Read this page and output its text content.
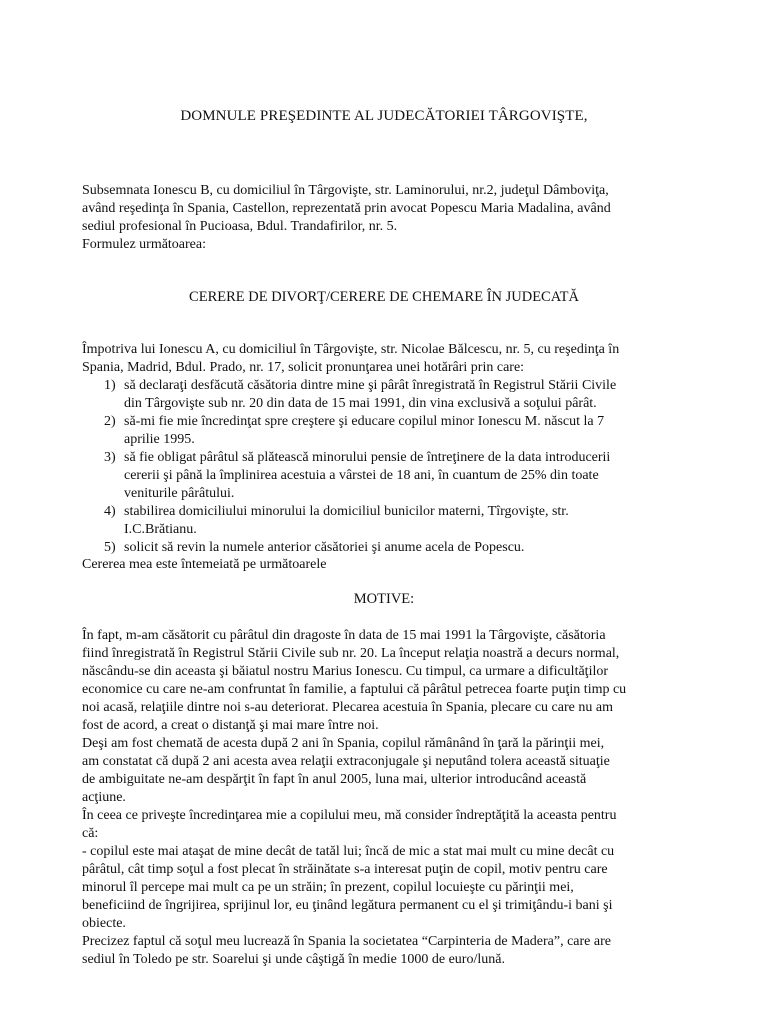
DOMNULE PREŞEDINTE AL JUDECĂTORIEI TÂRGOVIŞTE,

Subsemnata Ionescu B, cu domiciliul în Târgovişte, str. Laminorului, nr.2, judeţul Dâmboviţa,
având reşedinţa în Spania, Castellon, reprezentată prin avocat Popescu Maria Madalina, având
sediul profesional în Pucioasa, Bdul. Trandafirilor, nr. 5.
Formulez următoarea:

CERERE DE DIVORŢ/CERERE DE CHEMARE ÎN JUDECATĂ

Împotriva lui Ionescu A, cu domiciliul în Târgovişte, str. Nicolae Bălcescu, nr. 5, cu reşedinţa în
Spania, Madrid, Bdul. Prado, nr. 17, solicit pronunţarea unei hotărâri prin care:

1) să declaraţi desfăcută căsătoria dintre mine şi pârât înregistrată în Registrul Stării Civile
din Târgovişte sub nr. 20 din data de 15 mai 1991, din vina exclusivă a soţului pârât.
2) să-mi fie mie încredinţat spre creştere şi educare copilul minor Ionescu M. născut la 7
aprilie 1995.
3) să fie obligat pârâtul să plătească minorului pensie de întreţinere de la data introducerii
cererii şi până la împlinirea acestuia a vârstei de 18 ani, în cuantum de 25% din toate
veniturile pârâtului.
4) stabilirea domiciliului minorului la domiciliul bunicilor materni, Tîrgovişte, str.
I.C.Brătianu.
5) solicit să revin la numele anterior căsătoriei şi anume acela de Popescu.

Cererea mea este întemeiată pe următoarele

MOTIVE:

În fapt, m-am căsătorit cu pârâtul din dragoste în data de 15 mai 1991 la Târgovişte, căsătoria
fiind înregistrată în Registrul Stării Civile sub nr. 20. La început relaţia noastră a decurs normal,
născându-se din aceasta şi băiatul nostru Marius Ionescu. Cu timpul, ca urmare a dificultăţilor
economice cu care ne-am confruntat în familie, a faptului că pârâtul petrecea foarte puţin timp cu
noi acasă, relaţiile dintre noi s-au deteriorat. Plecarea acestuia în Spania, plecare cu care nu am
fost de acord, a creat o distanţă şi mai mare între noi.
Deşi am fost chemată de acesta după 2 ani în Spania, copilul rămânând în ţară la părinţii mei,
am constatat că după 2 ani acesta avea relaţii extraconjugale şi neputând tolera această situaţie
de ambiguitate ne-am despărţit în fapt în anul 2005, luna mai, ulterior introducând această
acţiune.
În ceea ce priveşte încredinţarea mie a copilului meu, mă consider îndreptăţită la aceasta pentru
că:
- copilul este mai ataşat de mine decât de tatăl lui; încă de mic a stat mai mult cu mine decât cu
pârâtul, cât timp soţul a fost plecat în străinătate s-a interesat puţin de copil, motiv pentru care
minorul îl percepe mai mult ca pe un străin; în prezent, copilul locuieşte cu părinţii mei,
beneficiind de îngrijirea, sprijinul lor, eu ţinând legătura permanent cu el şi trimiţându-i bani şi
obiecte.
Precizez faptul că soţul meu lucrează în Spania la societatea “Carpinteria de Madera”, care are
sediul în Toledo pe str. Soarelui şi unde câştigă în medie 1000 de euro/lună.
